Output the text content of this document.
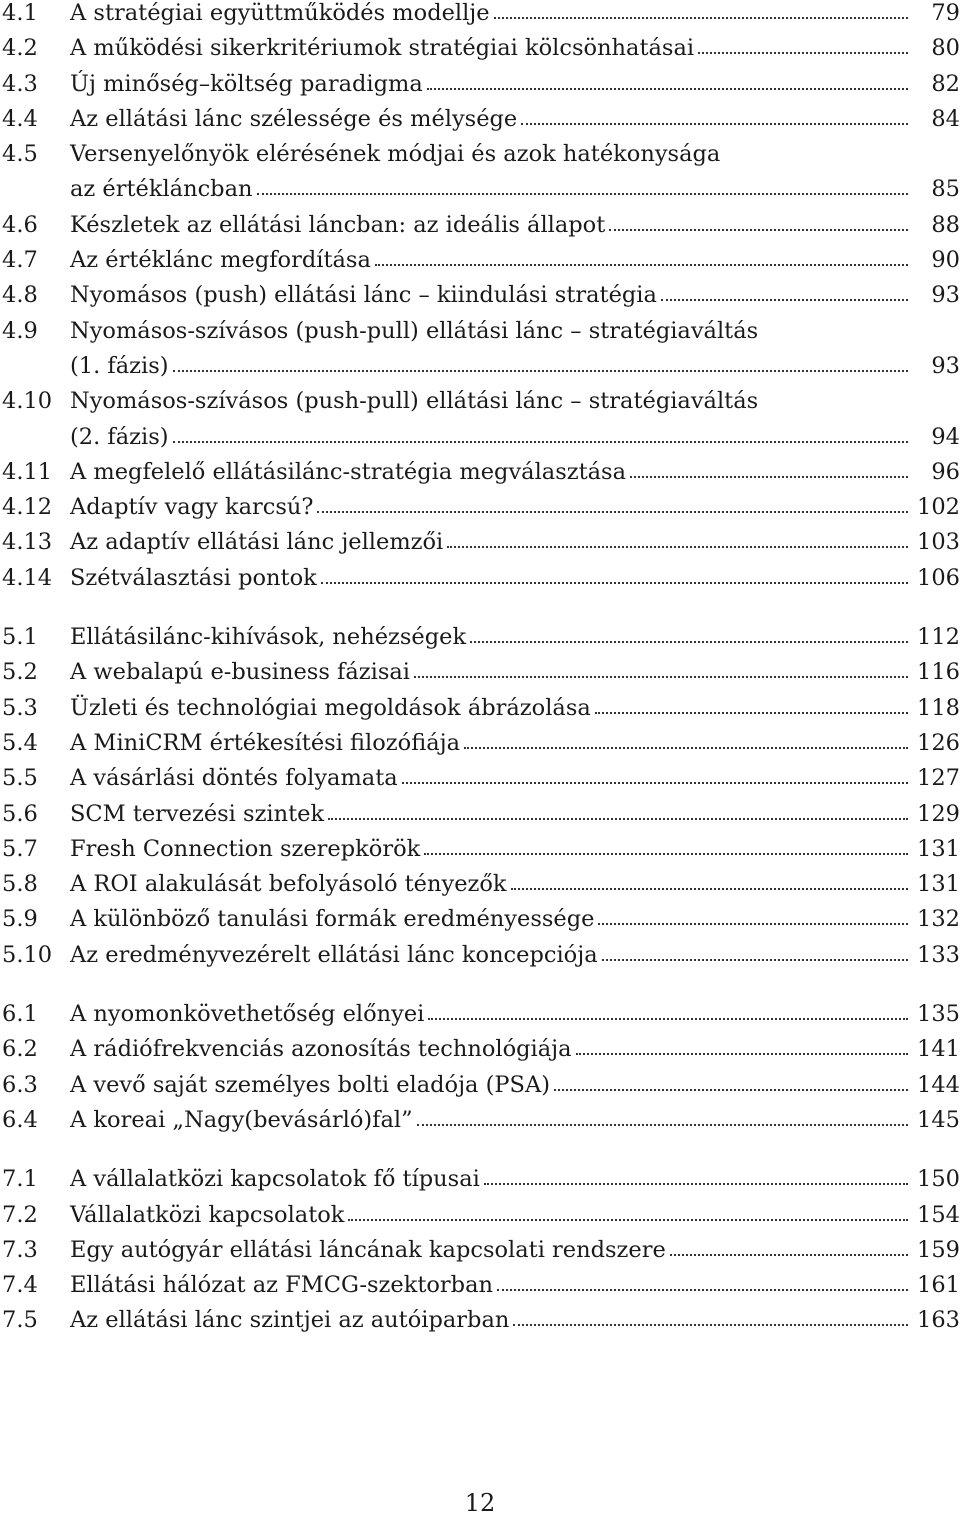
4.1 A stratégiai együttműködés modellje	79
4.2 A működési sikerkritériumok stratégiai kölcsönhatásai	80
4.3 Új minőség–költség paradigma	82
4.4 Az ellátási lánc szélessége és mélysége	84
4.5 Versenyelőnyök elérésének módjai és azok hatékonysága
az értékláncban	85
4.6 Készletek az ellátási láncban: az ideális állapot	88
4.7 Az értéklánc megfordítása	90
4.8 Nyomásos (push) ellátási lánc – kiindulási stratégia	93
4.9 Nyomásos-szívásos (push-pull) ellátási lánc – stratégiaváltás
(1. fázis)	93
4.10 Nyomásos-szívásos (push-pull) ellátási lánc – stratégiaváltás
(2. fázis)	94
4.11 A megfelelő ellátásilánc-stratégia megválasztása	96
4.12 Adaptív vagy karcsú?	102
4.13 Az adaptív ellátási lánc jellemzői	103
4.14 Szétválasztási pontok	106
5.1 Ellátásilánc-kihívások, nehézségek	112
5.2 A webalapú e-business fázisai	116
5.3 Üzleti és technológiai megoldások ábrázolása	118
5.4 A MiniCRM értékesítési filozófiája	126
5.5 A vásárlási döntés folyamata	127
5.6 SCM tervezési szintek	129
5.7 Fresh Connection szerepkörök	131
5.8 A ROI alakulását befolyásoló tényezők	131
5.9 A különböző tanulási formák eredményessége	132
5.10 Az eredményvezérelt ellátási lánc koncepciója	133
6.1 A nyomonkövethetőség előnyei	135
6.2 A rádiófrekvenciás azonosítás technológiája	141
6.3 A vevő saját személyes bolti eladója (PSA)	144
6.4 A koreai „Nagy(bevásárló)fal”	145
7.1 A vállalatközi kapcsolatok fő típusai	150
7.2 Vállalatközi kapcsolatok	154
7.3 Egy autógyár ellátási láncának kapcsolati rendszere	159
7.4 Ellátási hálózat az FMCG-szektorban	161
7.5 Az ellátási lánc szintjei az autóiparban	163
12
